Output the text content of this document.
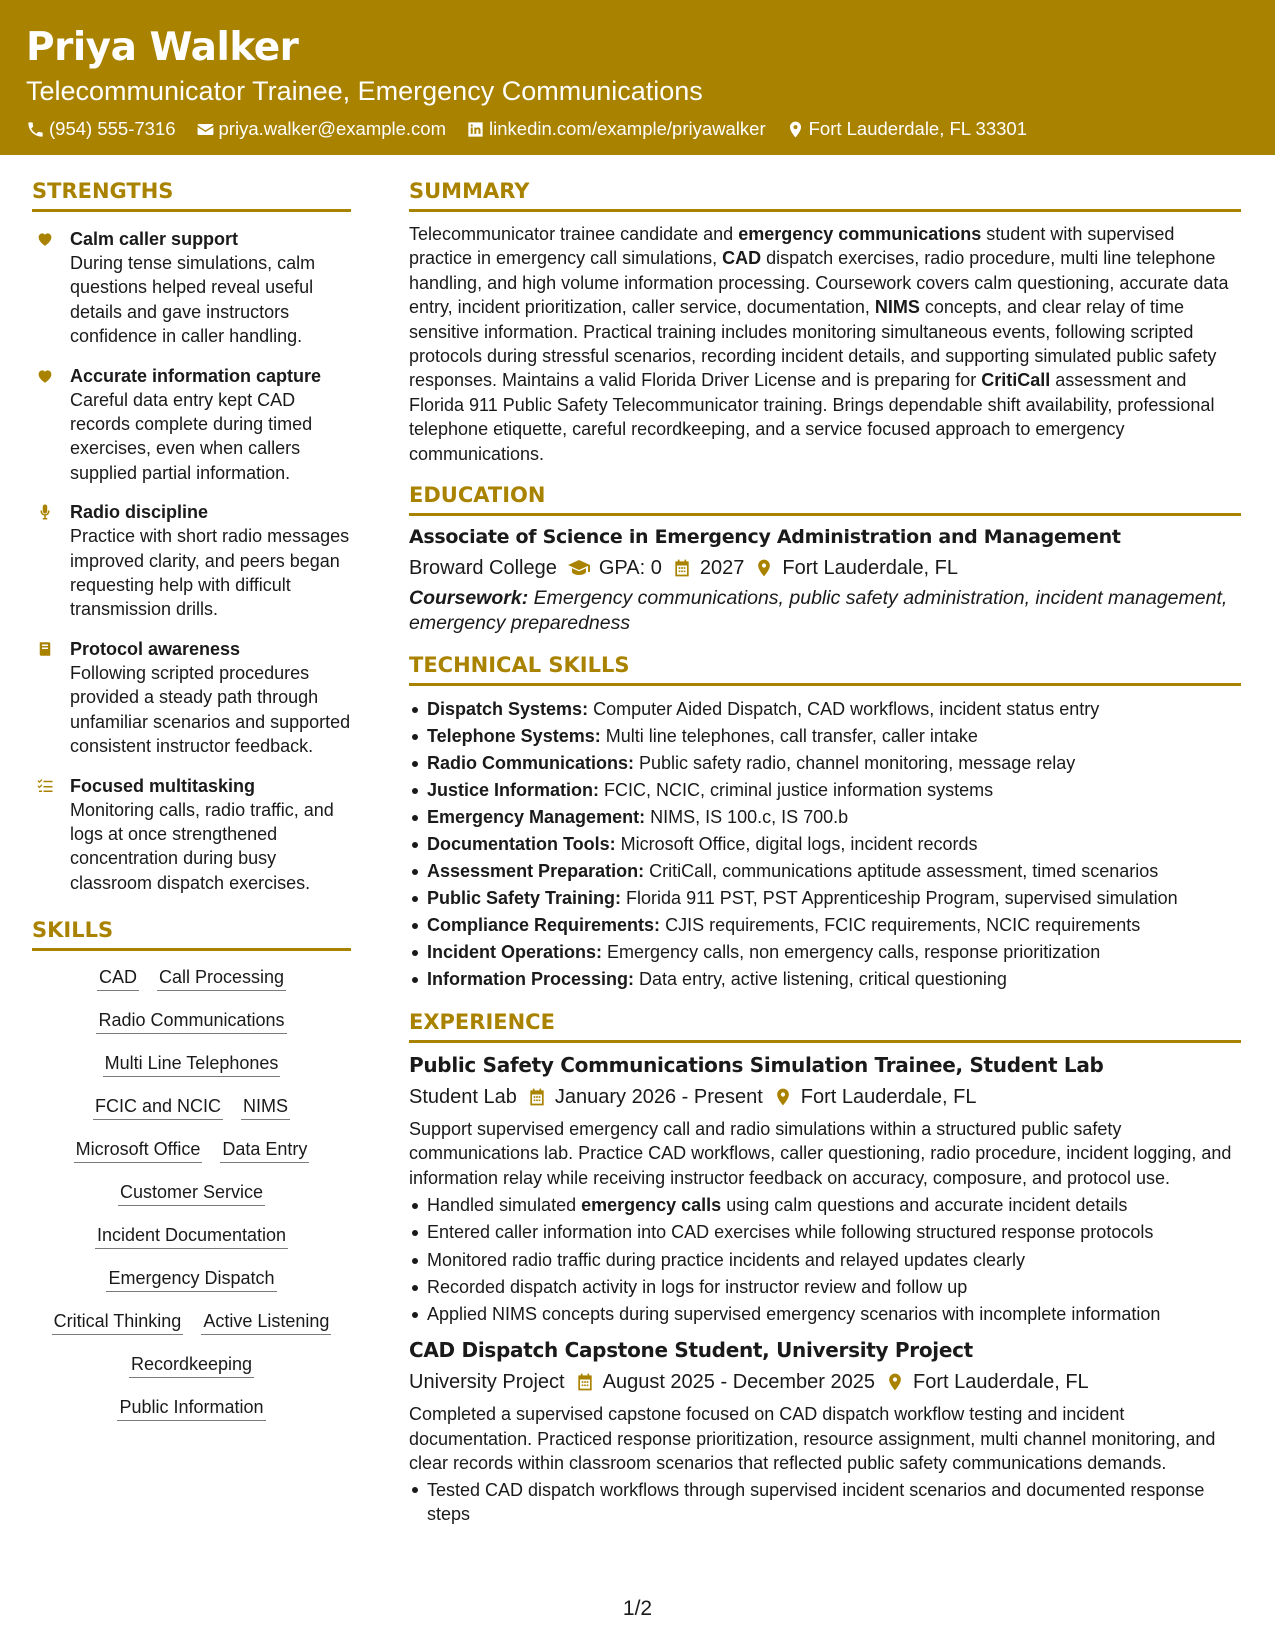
Priya Walker
Telecommunicator Trainee, Emergency Communications
(954) 555-7316 priya.walker@example.com linkedin.com/example/priyawalker Fort Lauderdale, FL 33301
STRENGTHS
Calm caller support
During tense simulations, calm questions helped reveal useful details and gave instructors confidence in caller handling.
Accurate information capture
Careful data entry kept CAD records complete during timed exercises, even when callers supplied partial information.
Radio discipline
Practice with short radio messages improved clarity, and peers began requesting help with difficult transmission drills.
Protocol awareness
Following scripted procedures provided a steady path through unfamiliar scenarios and supported consistent instructor feedback.
Focused multitasking
Monitoring calls, radio traffic, and logs at once strengthened concentration during busy classroom dispatch exercises.
SKILLS
CAD Call Processing
Radio Communications
Multi Line Telephones
FCIC and NCIC NIMS
Microsoft Office Data Entry
Customer Service
Incident Documentation
Emergency Dispatch
Critical Thinking Active Listening
Recordkeeping
Public Information
SUMMARY

Telecommunicator trainee candidate and emergency communications student with supervised practice in emergency call simulations, CAD dispatch exercises, radio procedure, multi line telephone handling, and high volume information processing. Coursework covers calm questioning, accurate data entry, incident prioritization, caller service, documentation, NIMS concepts, and clear relay of time sensitive information. Practical training includes monitoring simultaneous events, following scripted protocols during stressful scenarios, recording incident details, and supporting simulated public safety responses. Maintains a valid Florida Driver License and is preparing for CritiCall assessment and Florida 911 Public Safety Telecommunicator training. Brings dependable shift availability, professional telephone etiquette, careful recordkeeping, and a service focused approach to emergency communications.

EDUCATION
Associate of Science in Emergency Administration and Management
Broward College GPA: 0 2027 Fort Lauderdale, FL

Coursework: Emergency communications, public safety administration, incident management, emergency preparedness

TECHNICAL SKILLS
Dispatch Systems: Computer Aided Dispatch, CAD workflows, incident status entry
Telephone Systems: Multi line telephones, call transfer, caller intake
Radio Communications: Public safety radio, channel monitoring, message relay
Justice Information: FCIC, NCIC, criminal justice information systems
Emergency Management: NIMS, IS 100.c, IS 700.b
Documentation Tools: Microsoft Office, digital logs, incident records
Assessment Preparation: CritiCall, communications aptitude assessment, timed scenarios
Public Safety Training: Florida 911 PST, PST Apprenticeship Program, supervised simulation
Compliance Requirements: CJIS requirements, FCIC requirements, NCIC requirements
Incident Operations: Emergency calls, non emergency calls, response prioritization
Information Processing: Data entry, active listening, critical questioning
EXPERIENCE
Public Safety Communications Simulation Trainee, Student Lab
Student Lab January 2026 - Present Fort Lauderdale, FL

Support supervised emergency call and radio simulations within a structured public safety communications lab. Practice CAD workflows, caller questioning, radio procedure, incident logging, and information relay while receiving instructor feedback on accuracy, composure, and protocol use.

Handled simulated emergency calls using calm questions and accurate incident details
Entered caller information into CAD exercises while following structured response protocols
Monitored radio traffic during practice incidents and relayed updates clearly
Recorded dispatch activity in logs for instructor review and follow up
Applied NIMS concepts during supervised emergency scenarios with incomplete information
CAD Dispatch Capstone Student, University Project
University Project August 2025 - December 2025 Fort Lauderdale, FL

Completed a supervised capstone focused on CAD dispatch workflow testing and incident documentation. Practiced response prioritization, resource assignment, multi channel monitoring, and clear records within classroom scenarios that reflected public safety communications demands.

Tested CAD dispatch workflows through supervised incident scenarios and documented response steps
1/2
